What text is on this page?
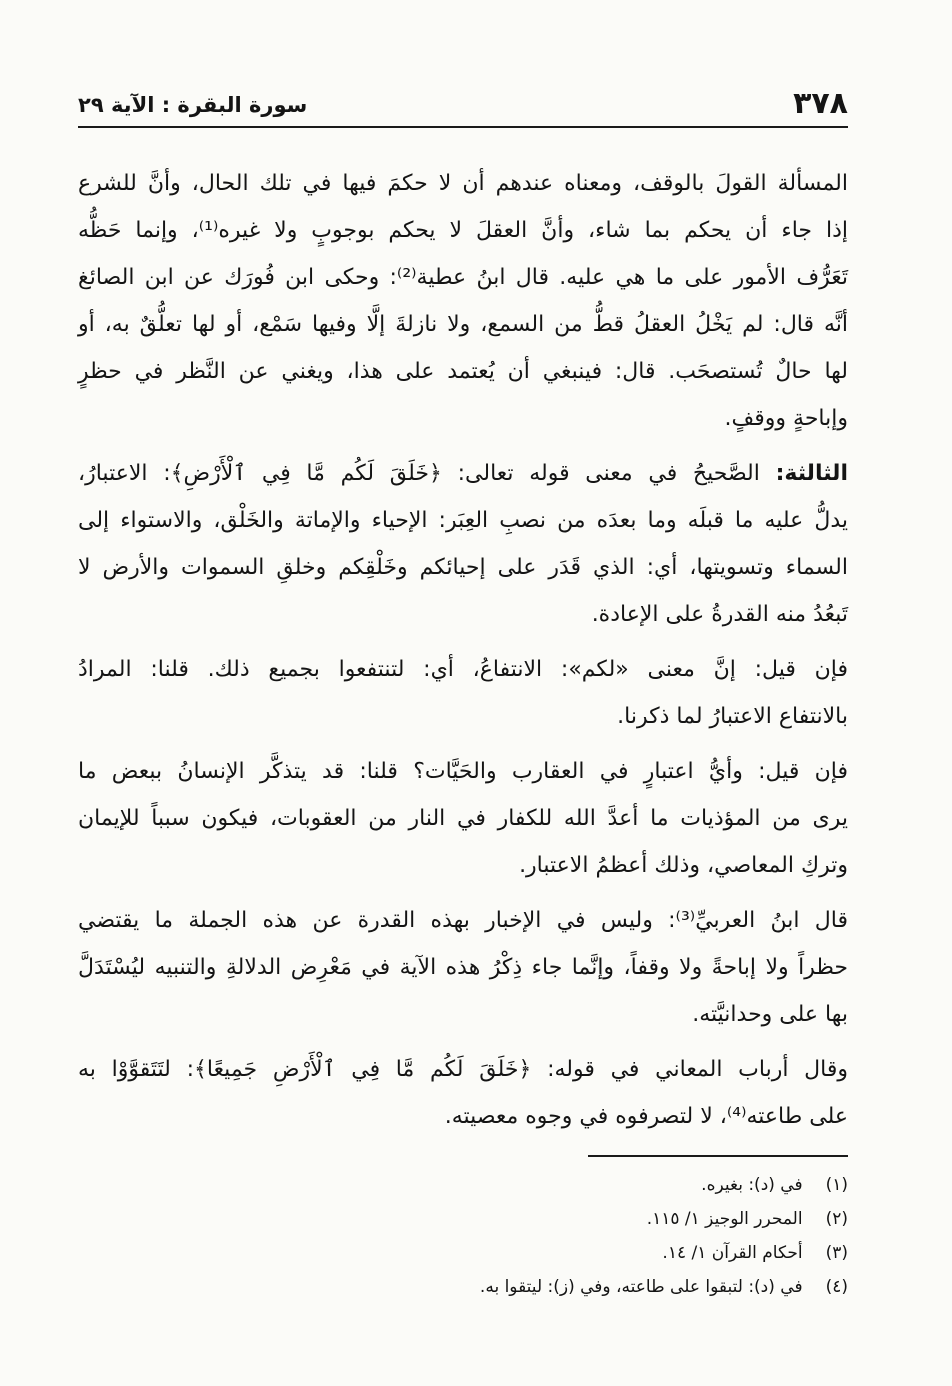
٣٧٨
سورة البقرة : الآية ٢٩
المسألة القولَ بالوقف، ومعناه عندهم أن لا حكمَ فيها في تلك الحال، وأنَّ للشرع
إذا جاء أن يحكم بما شاء، وأنَّ العقلَ لا يحكم بوجوبٍ ولا غيره⁽¹⁾، وإنما حَظُّه
تَعَرُّف الأمور على ما هي عليه. قال ابنُ عطية⁽²⁾: وحكى ابن فُورَك عن ابن الصائغ
أنَّه قال: لم يَخْلُ العقلُ قطُّ من السمع، ولا نازلةَ إلَّا وفيها سَمْع، أو لها تعلُّقٌ به، أو
لها حالٌ تُستصحَب. قال: فينبغي أن يُعتمد على هذا، ويغني عن النَّظر في حظرٍ
وإباحةٍ ووقفٍ.
الثالثة: الصَّحيحُ في معنى قوله تعالى: ﴿خَلَقَ لَكُم مَّا فِي ٱلْأَرْضِ﴾: الاعتبارُ،
يدلُّ عليه ما قبلَه وما بعدَه من نصبِ العِبَر: الإحياء والإماتة والخَلْق، والاستواء إلى
السماء وتسويتها، أي: الذي قَدَر على إحيائكم وخَلْقِكم وخلقِ السموات والأرض لا
تَبعُدُ منه القدرةُ على الإعادة.
فإن قيل: إنَّ معنى «لكم»: الانتفاعُ، أي: لتنتفعوا بجميع ذلك. قلنا: المرادُ
بالانتفاع الاعتبارُ لما ذكرنا.
فإن قيل: وأيُّ اعتبارٍ في العقارب والحَيَّات؟ قلنا: قد يتذكَّر الإنسانُ ببعض ما
يرى من المؤذيات ما أعدَّ الله للكفار في النار من العقوبات، فيكون سبباً للإيمان
وتركِ المعاصي، وذلك أعظمُ الاعتبار.
قال ابنُ العربيِّ⁽³⁾: وليس في الإخبار بهذه القدرة عن هذه الجملة ما يقتضي
حظراً ولا إباحةً ولا وقفاً، وإنَّما جاء ذِكْرُ هذه الآية في مَعْرِض الدلالةِ والتنبيه ليُسْتَدَلَّ
بها على وحدانيَّته.
وقال أرباب المعاني في قوله: ﴿خَلَقَ لَكُم مَّا فِي ٱلْأَرْضِ جَمِيعًا﴾: لتَتَقوَّوْا به
على طاعته⁽⁴⁾، لا لتصرفوه في وجوه معصيته.
(١) في (د): بغيره.
(٢) المحرر الوجيز ١/ ١١٥.
(٣) أحكام القرآن ١/ ١٤.
(٤) في (د): لتبقوا على طاعته، وفي (ز): ليتقوا به.
